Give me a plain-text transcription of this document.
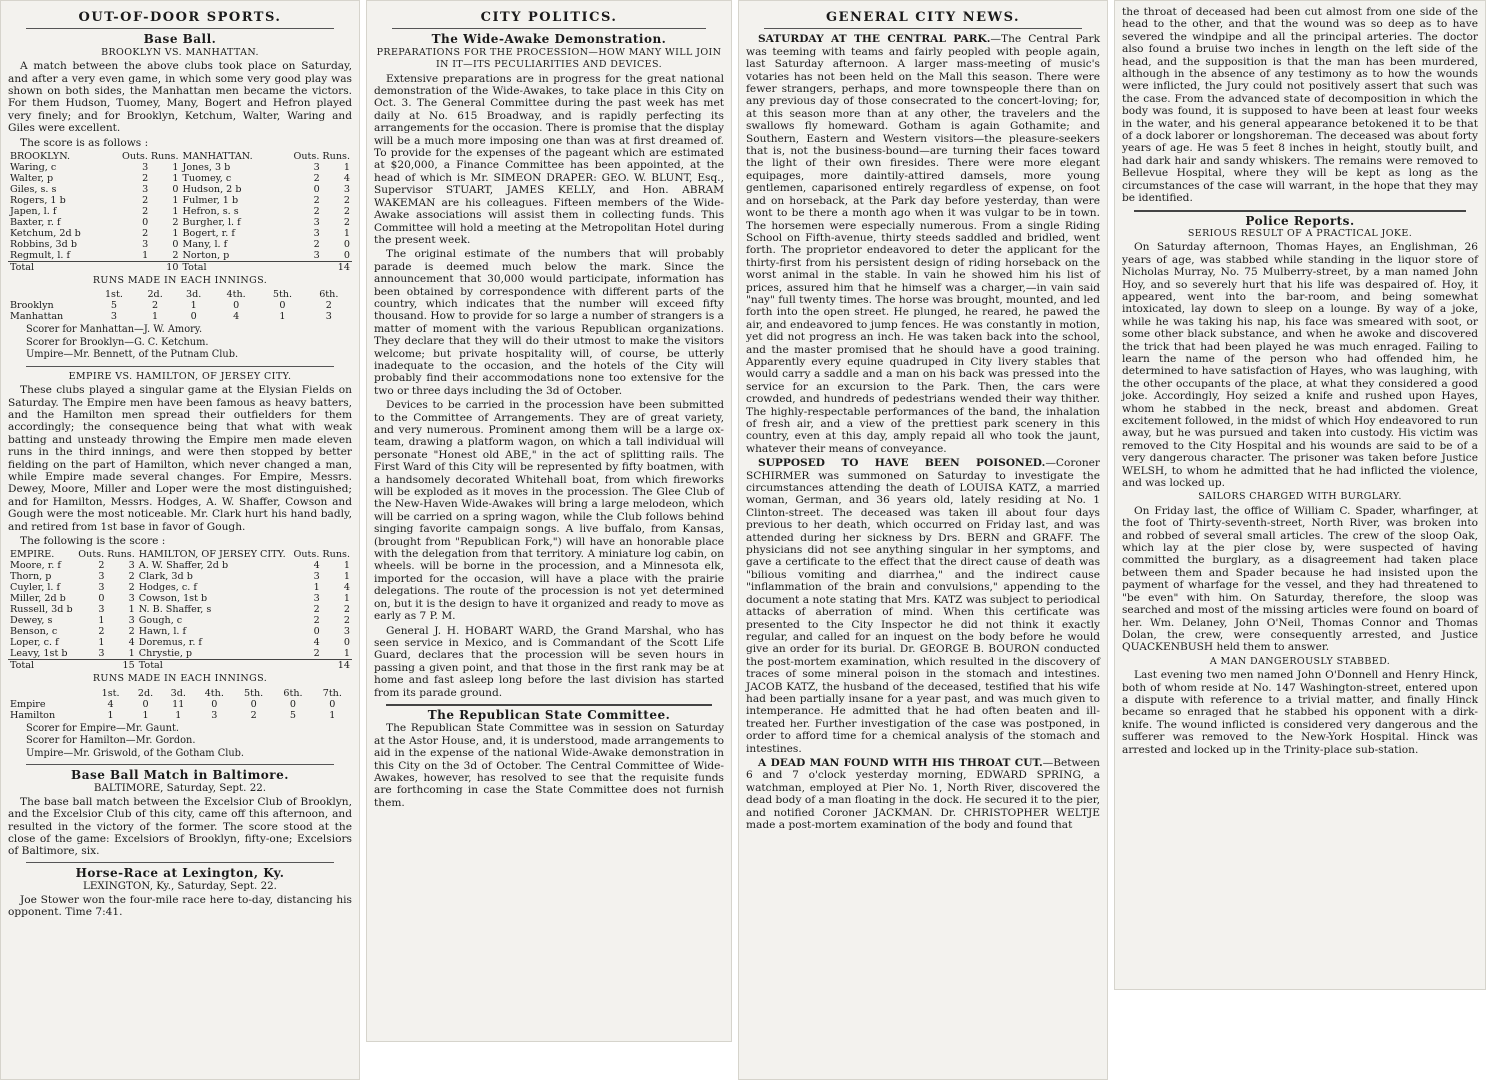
OUT-OF-DOOR SPORTS.
Base Ball.
BROOKLYN VS. MANHATTAN.

A match between the above clubs took place on Saturday, and after a very even game, in which some very good play was shown on both sides, the Manhattan men became the victors. For them Hudson, Tuomey, Many, Bogert and Hefron played very finely; and for Brooklyn, Ketchum, Walter, Waring and Giles were excellent.

The score is as follows :

BROOKLYN.	Outs. Runs.		MANHATTAN.	Outs. Runs.	
Waring, c	3	1	Jones, 3 b	3	1
Walter, p	2	1	Tuomey, c	2	4
Giles, s. s	3	0	Hudson, 2 b	0	3
Rogers, 1 b	2	1	Fulmer, 1 b	2	2
Japen, l. f	2	1	Hefron, s. s	2	2
Baxter, r. f	0	2	Burgher, l. f	3	2
Ketchum, 2d b	2	1	Bogert, r. f	3	1
Robbins, 3d b	3	0	Many, l. f	2	0
Regmult, l. f	1	2	Norton, p	3	0
Total		10	Total		14
RUNS MADE IN EACH INNINGS.
	1st.	2d.	3d.	4th.	5th.	6th.
Brooklyn	5	2	1	0	0	2
Manhattan	3	1	0	4	1	3

Scorer for Manhattan—J. W. Amory.

Scorer for Brooklyn—G. C. Ketchum.

Umpire—Mr. Bennett, of the Putnam Club.

EMPIRE VS. HAMILTON, OF JERSEY CITY.

These clubs played a singular game at the Elysian Fields on Saturday. The Empire men have been famous as heavy batters, and the Hamilton men spread their outfielders for them accordingly; the consequence being that what with weak batting and unsteady throwing the Empire men made eleven runs in the third innings, and were then stopped by better fielding on the part of Hamilton, which never changed a man, while Empire made several changes. For Empire, Messrs. Dewey, Moore, Miller and Loper were the most distinguished; and for Hamilton, Messrs. Hodges, A. W. Shaffer, Cowson and Gough were the most noticeable. Mr. Clark hurt his hand badly, and retired from 1st base in favor of Gough.

The following is the score :

EMPIRE.	Outs. Runs.		HAMILTON, OF JERSEY CITY.	Outs. Runs.	
Moore, r. f	2	3	A. W. Shaffer, 2d b	4	1
Thorn, p	3	2	Clark, 3d b	3	1
Cuyler, l. f	3	2	Hodges, c. f	1	4
Miller, 2d b	0	3	Cowson, 1st b	3	1
Russell, 3d b	3	1	N. B. Shaffer, s	2	2
Dewey, s	1	3	Gough, c	2	2
Benson, c	2	2	Hawn, l. f	0	3
Loper, c. f	1	4	Doremus, r. f	4	0
Leavy, 1st b	3	1	Chrystie, p	2	1
Total		15	Total		14
RUNS MADE IN EACH INNINGS.
	1st.	2d.	3d.	4th.	5th.	6th.	7th.
Empire	4	0	11	0	0	0	0
Hamilton	1	1	1	3	2	5	1

Scorer for Empire—Mr. Gaunt.

Scorer for Hamilton—Mr. Gordon.

Umpire—Mr. Griswold, of the Gotham Club.

Base Ball Match in Baltimore.
BALTIMORE, Saturday, Sept. 22.

The base ball match between the Excelsior Club of Brooklyn, and the Excelsior Club of this city, came off this afternoon, and resulted in the victory of the former. The score stood at the close of the game: Excelsiors of Brooklyn, fifty-one; Excelsiors of Baltimore, six.

Horse-Race at Lexington, Ky.
LEXINGTON, Ky., Saturday, Sept. 22.

Joe Stower won the four-mile race here to-day, distancing his opponent. Time 7:41.

CITY POLITICS.
The Wide-Awake Demonstration.
PREPARATIONS FOR THE PROCESSION—HOW MANY WILL JOIN IN IT—ITS PECULIARITIES AND DEVICES.

Extensive preparations are in progress for the great national demonstration of the Wide-Awakes, to take place in this City on Oct. 3. The General Committee during the past week has met daily at No. 615 Broadway, and is rapidly perfecting its arrangements for the occasion. There is promise that the display will be a much more imposing one than was at first dreamed of. To provide for the expenses of the pageant which are estimated at $20,000, a Finance Committee has been appointed, at the head of which is Mr. SIMEON DRAPER: GEO. W. BLUNT, Esq., Supervisor STUART, JAMES KELLY, and Hon. ABRAM WAKEMAN are his colleagues. Fifteen members of the Wide-Awake associations will assist them in collecting funds. This Committee will hold a meeting at the Metropolitan Hotel during the present week.

The original estimate of the numbers that will probably parade is deemed much below the mark. Since the announcement that 30,000 would participate, information has been obtained by correspondence with different parts of the country, which indicates that the number will exceed fifty thousand. How to provide for so large a number of strangers is a matter of moment with the various Republican organizations. They declare that they will do their utmost to make the visitors welcome; but private hospitality will, of course, be utterly inadequate to the occasion, and the hotels of the City will probably find their accommodations none too extensive for the two or three days including the 3d of October.

Devices to be carried in the procession have been submitted to the Committee of Arrangements. They are of great variety, and very numerous. Prominent among them will be a large ox-team, drawing a platform wagon, on which a tall individual will personate "Honest old ABE," in the act of splitting rails. The First Ward of this City will be represented by fifty boatmen, with a handsomely decorated Whitehall boat, from which fireworks will be exploded as it moves in the procession. The Glee Club of the New-Haven Wide-Awakes will bring a large melodeon, which will be carried on a spring wagon, while the Club follows behind singing favorite campaign songs. A live buffalo, from Kansas, (brought from "Republican Fork,") will have an honorable place with the delegation from that territory. A miniature log cabin, on wheels. will be borne in the procession, and a Minnesota elk, imported for the occasion, will have a place with the prairie delegations. The route of the procession is not yet determined on, but it is the design to have it organized and ready to move as early as 7 P. M.

General J. H. HOBART WARD, the Grand Marshal, who has seen service in Mexico, and is Commandant of the Scott Life Guard, declares that the procession will be seven hours in passing a given point, and that those in the first rank may be at home and fast asleep long before the last division has started from its parade ground.

The Republican State Committee.

The Republican State Committee was in session on Saturday at the Astor House, and, it is understood, made arrangements to aid in the expense of the national Wide-Awake demonstration in this City on the 3d of October. The Central Committee of Wide-Awakes, however, has resolved to see that the requisite funds are forthcoming in case the State Committee does not furnish them.

GENERAL CITY NEWS.

SATURDAY AT THE CENTRAL PARK.—The Central Park was teeming with teams and fairly peopled with people again, last Saturday afternoon. A larger mass-meeting of music's votaries has not been held on the Mall this season. There were fewer strangers, perhaps, and more townspeople there than on any previous day of those consecrated to the concert-loving; for, at this season more than at any other, the travelers and the swallows fly homeward. Gotham is again Gothamite; and Southern, Eastern and Western visitors—the pleasure-seekers that is, not the business-bound—are turning their faces toward the light of their own firesides. There were more elegant equipages, more daintily-attired damsels, more young gentlemen, caparisoned entirely regardless of expense, on foot and on horseback, at the Park day before yesterday, than were wont to be there a month ago when it was vulgar to be in town. The horsemen were especially numerous. From a single Riding School on Fifth-avenue, thirty steeds saddled and bridled, went forth. The proprietor endeavored to deter the applicant for the thirty-first from his persistent design of riding horseback on the worst animal in the stable. In vain he showed him his list of prices, assured him that he himself was a charger,—in vain said "nay" full twenty times. The horse was brought, mounted, and led forth into the open street. He plunged, he reared, he pawed the air, and endeavored to jump fences. He was constantly in motion, yet did not progress an inch. He was taken back into the school, and the master promised that he should have a good training. Apparently every equine quadruped in City livery stables that would carry a saddle and a man on his back was pressed into the service for an excursion to the Park. Then, the cars were crowded, and hundreds of pedestrians wended their way thither. The highly-respectable performances of the band, the inhalation of fresh air, and a view of the prettiest park scenery in this country, even at this day, amply repaid all who took the jaunt, whatever their means of conveyance.

SUPPOSED TO HAVE BEEN POISONED.—Coroner SCHIRMER was summoned on Saturday to investigate the circumstances attending the death of LOUISA KATZ, a married woman, German, and 36 years old, lately residing at No. 1 Clinton-street. The deceased was taken ill about four days previous to her death, which occurred on Friday last, and was attended during her sickness by Drs. BERN and GRAFF. The physicians did not see anything singular in her symptoms, and gave a certificate to the effect that the direct cause of death was "bilious vomiting and diarrhea," and the indirect cause "inflammation of the brain and convulsions," appending to the document a note stating that Mrs. KATZ was subject to periodical attacks of aberration of mind. When this certificate was presented to the City Inspector he did not think it exactly regular, and called for an inquest on the body before he would give an order for its burial. Dr. GEORGE B. BOURON conducted the post-mortem examination, which resulted in the discovery of traces of some mineral poison in the stomach and intestines. JACOB KATZ, the husband of the deceased, testified that his wife had been partially insane for a year past, and was much given to intemperance. He admitted that he had often beaten and ill-treated her. Further investigation of the case was postponed, in order to afford time for a chemical analysis of the stomach and intestines.

A DEAD MAN FOUND WITH HIS THROAT CUT.—Between 6 and 7 o'clock yesterday morning, EDWARD SPRING, a watchman, employed at Pier No. 1, North River, discovered the dead body of a man floating in the dock. He secured it to the pier, and notified Coroner JACKMAN. Dr. CHRISTOPHER WELTJE made a post-mortem examination of the body and found that

the throat of deceased had been cut almost from one side of the head to the other, and that the wound was so deep as to have severed the windpipe and all the principal arteries. The doctor also found a bruise two inches in length on the left side of the head, and the supposition is that the man has been murdered, although in the absence of any testimony as to how the wounds were inflicted, the Jury could not positively assert that such was the case. From the advanced state of decomposition in which the body was found, it is supposed to have been at least four weeks in the water, and his general appearance betokened it to be that of a dock laborer or longshoreman. The deceased was about forty years of age. He was 5 feet 8 inches in height, stoutly built, and had dark hair and sandy whiskers. The remains were removed to Bellevue Hospital, where they will be kept as long as the circumstances of the case will warrant, in the hope that they may be identified.

Police Reports.
SERIOUS RESULT OF A PRACTICAL JOKE.

On Saturday afternoon, Thomas Hayes, an Englishman, 26 years of age, was stabbed while standing in the liquor store of Nicholas Murray, No. 75 Mulberry-street, by a man named John Hoy, and so severely hurt that his life was despaired of. Hoy, it appeared, went into the bar-room, and being somewhat intoxicated, lay down to sleep on a lounge. By way of a joke, while he was taking his nap, his face was smeared with soot, or some other black substance, and when he awoke and discovered the trick that had been played he was much enraged. Failing to learn the name of the person who had offended him, he determined to have satisfaction of Hayes, who was laughing, with the other occupants of the place, at what they considered a good joke. Accordingly, Hoy seized a knife and rushed upon Hayes, whom he stabbed in the neck, breast and abdomen. Great excitement followed, in the midst of which Hoy endeavored to run away, but he was pursued and taken into custody. His victim was removed to the City Hospital and his wounds are said to be of a very dangerous character. The prisoner was taken before Justice WELSH, to whom he admitted that he had inflicted the violence, and was locked up.

SAILORS CHARGED WITH BURGLARY.

On Friday last, the office of William C. Spader, wharfinger, at the foot of Thirty-seventh-street, North River, was broken into and robbed of several small articles. The crew of the sloop Oak, which lay at the pier close by, were suspected of having committed the burglary, as a disagreement had taken place between them and Spader because he had insisted upon the payment of wharfage for the vessel, and they had threatened to "be even" with him. On Saturday, therefore, the sloop was searched and most of the missing articles were found on board of her. Wm. Delaney, John O'Neil, Thomas Connor and Thomas Dolan, the crew, were consequently arrested, and Justice QUACKENBUSH held them to answer.

A MAN DANGEROUSLY STABBED.

Last evening two men named John O'Donnell and Henry Hinck, both of whom reside at No. 147 Washington-street, entered upon a dispute with reference to a trivial matter, and finally Hinck became so enraged that he stabbed his opponent with a dirk-knife. The wound inflicted is considered very dangerous and the sufferer was removed to the New-York Hospital. Hinck was arrested and locked up in the Trinity-place sub-station.
